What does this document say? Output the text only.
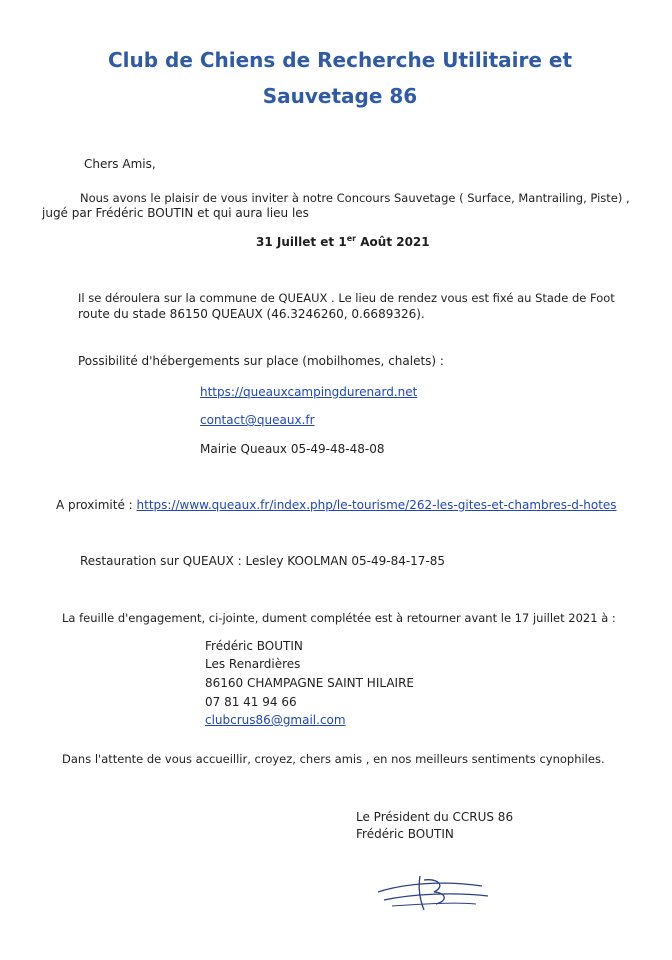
Club de Chiens de Recherche Utilitaire et
Sauvetage 86
Chers Amis,
Nous avons le plaisir de vous inviter à notre Concours Sauvetage ( Surface, Mantrailing, Piste) ,
jugé par Frédéric BOUTIN et qui aura lieu les
31 Juillet et 1er Août 2021
Il se déroulera sur la commune de QUEAUX . Le lieu de rendez vous est fixé au Stade de Foot
route du stade 86150 QUEAUX (46.3246260, 0.6689326).
Possibilité d'hébergements sur place (mobilhomes, chalets) :
https://queauxcampingdurenard.net
contact@queaux.fr
Mairie Queaux 05-49-48-48-08
A proximité : https://www.queaux.fr/index.php/le-tourisme/262-les-gites-et-chambres-d-hotes
Restauration sur QUEAUX : Lesley KOOLMAN 05-49-84-17-85
La feuille d'engagement, ci-jointe, dument complétée est à retourner avant le 17 juillet 2021 à :
Frédéric BOUTIN
Les Renardières
86160 CHAMPAGNE SAINT HILAIRE
07 81 41 94 66
clubcrus86@gmail.com
Dans l'attente de vous accueillir, croyez, chers amis , en nos meilleurs sentiments cynophiles.
Le Président du CCRUS 86
Frédéric BOUTIN
